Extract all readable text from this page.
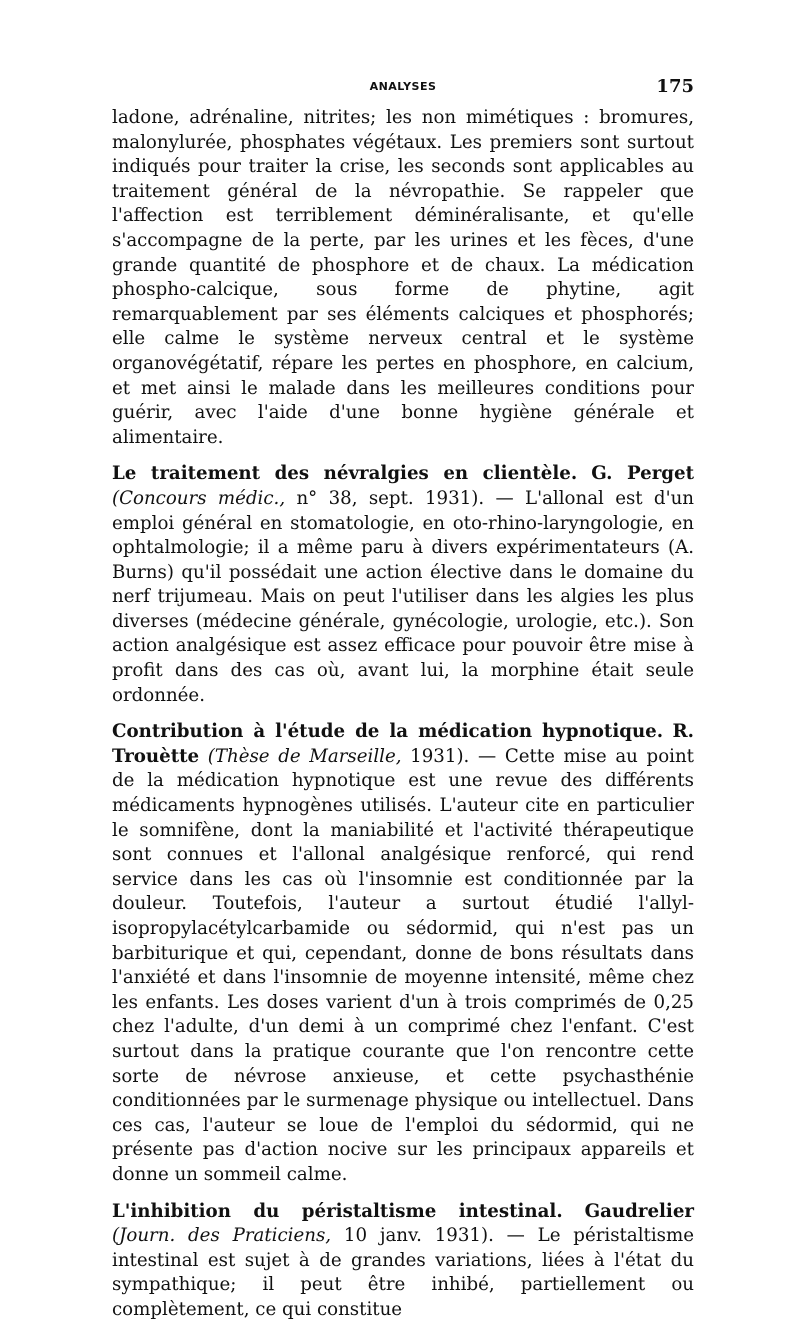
ANALYSES	175

ladone, adrénaline, nitrites; les non mimétiques : bromures, malonylurée, phosphates végétaux. Les premiers sont surtout indiqués pour traiter la crise, les seconds sont applicables au traitement général de la névropathie. Se rappeler que l'affection est terriblement déminéralisante, et qu'elle s'accompagne de la perte, par les urines et les fèces, d'une grande quantité de phosphore et de chaux. La médication phospho-calcique, sous forme de phytine, agit remarquablement par ses éléments calciques et phosphorés; elle calme le système nerveux central et le système organovégétatif, répare les pertes en phosphore, en calcium, et met ainsi le malade dans les meilleures conditions pour guérir, avec l'aide d'une bonne hygiène générale et alimentaire.

Le traitement des névralgies en clientèle. G. Perget (Concours médic., n° 38, sept. 1931). — L'allonal est d'un emploi général en stomatologie, en oto-rhino-laryngologie, en ophtalmologie; il a même paru à divers expérimentateurs (A. Burns) qu'il possédait une action élective dans le domaine du nerf trijumeau. Mais on peut l'utiliser dans les algies les plus diverses (médecine générale, gynécologie, urologie, etc.). Son action analgésique est assez efficace pour pouvoir être mise à profit dans des cas où, avant lui, la morphine était seule ordonnée.

Contribution à l'étude de la médication hypnotique. R. Trouètte (Thèse de Marseille, 1931). — Cette mise au point de la médication hypnotique est une revue des différents médicaments hypnogènes utilisés. L'auteur cite en particulier le somnifène, dont la maniabilité et l'activité thérapeutique sont connues et l'allonal analgésique renforcé, qui rend service dans les cas où l'insomnie est conditionnée par la douleur. Toutefois, l'auteur a surtout étudié l'allyl-isopropylacétylcarbamide ou sédormid, qui n'est pas un barbiturique et qui, cependant, donne de bons résultats dans l'anxiété et dans l'insomnie de moyenne intensité, même chez les enfants. Les doses varient d'un à trois comprimés de 0,25 chez l'adulte, d'un demi à un comprimé chez l'enfant. C'est surtout dans la pratique courante que l'on rencontre cette sorte de névrose anxieuse, et cette psychasthénie conditionnées par le surmenage physique ou intellectuel. Dans ces cas, l'auteur se loue de l'emploi du sédormid, qui ne présente pas d'action nocive sur les principaux appareils et donne un sommeil calme.

L'inhibition du péristaltisme intestinal. Gaudrelier (Journ. des Praticiens, 10 janv. 1931). — Le péristaltisme intestinal est sujet à de grandes variations, liées à l'état du sympathique; il peut être inhibé, partiellement ou complètement, ce qui constitue
